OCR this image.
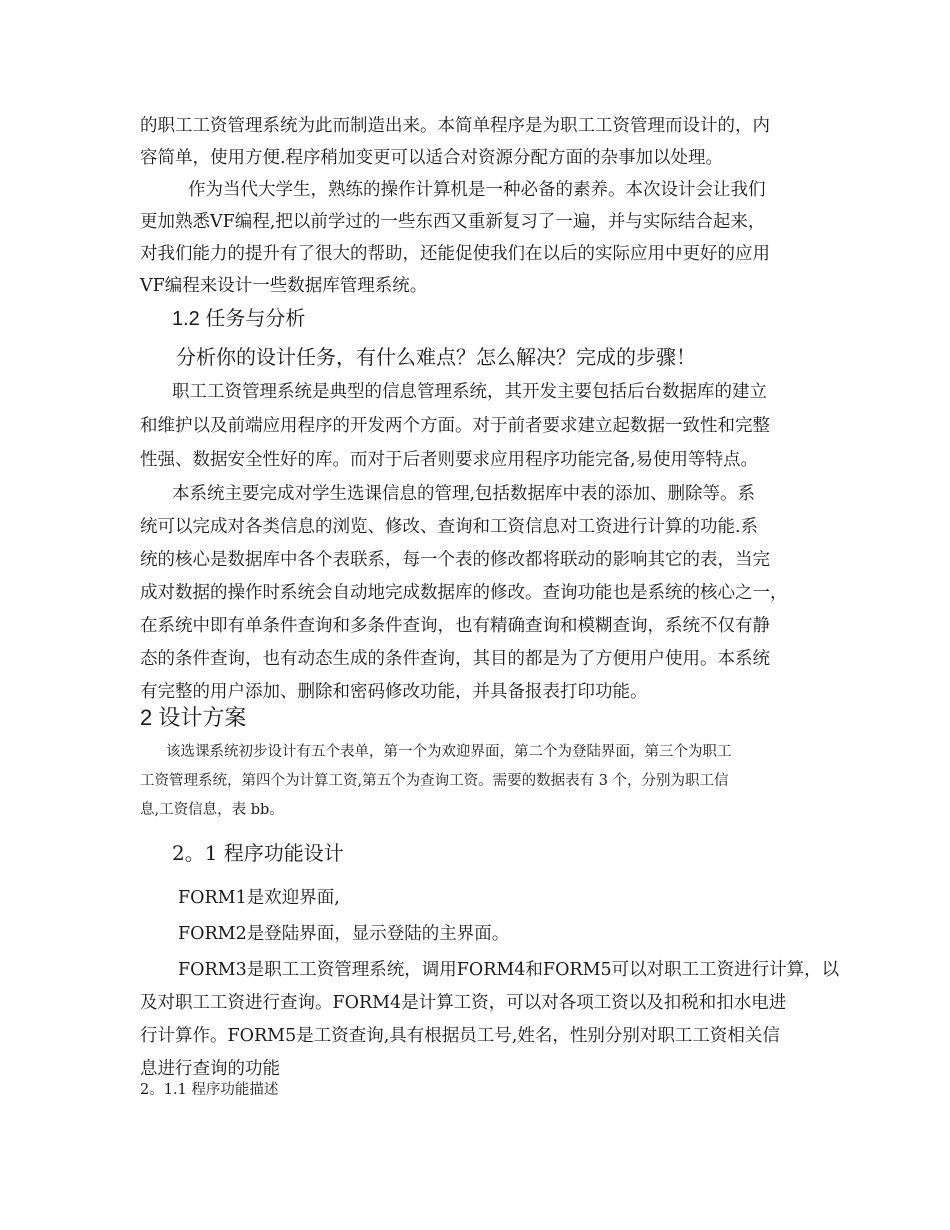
的职工工资管理系统为此而制造出来。本简单程序是为职工工资管理而设计的，内

容简单，使用方便.程序稍加变更可以适合对资源分配方面的杂事加以处理。

作为当代大学生，熟练的操作计算机是一种必备的素养。本次设计会让我们

更加熟悉VF编程,把以前学过的一些东西又重新复习了一遍，并与实际结合起来，

对我们能力的提升有了很大的帮助，还能促使我们在以后的实际应用中更好的应用

VF编程来设计一些数据库管理系统。

1.2 任务与分析

分析你的设计任务，有什么难点？怎么解决？完成的步骤！

职工工资管理系统是典型的信息管理系统，其开发主要包括后台数据库的建立

和维护以及前端应用程序的开发两个方面。对于前者要求建立起数据一致性和完整

性强、数据安全性好的库。而对于后者则要求应用程序功能完备,易使用等特点。

本系统主要完成对学生选课信息的管理,包括数据库中表的添加、删除等。系

统可以完成对各类信息的浏览、修改、查询和工资信息对工资进行计算的功能.系

统的核心是数据库中各个表联系，每一个表的修改都将联动的影响其它的表，当完

成对数据的操作时系统会自动地完成数据库的修改。查询功能也是系统的核心之一，

在系统中即有单条件查询和多条件查询，也有精确查询和模糊查询，系统不仅有静

态的条件查询，也有动态生成的条件查询，其目的都是为了方便用户使用。本系统

有完整的用户添加、删除和密码修改功能，并具备报表打印功能。

2 设计方案

该选课系统初步设计有五个表单，第一个为欢迎界面，第二个为登陆界面，第三个为职工

工资管理系统，第四个为计算工资,第五个为查询工资。需要的数据表有 3 个，分别为职工信

息,工资信息，表 bb。

2。1 程序功能设计

FORM1是欢迎界面,

FORM2是登陆界面，显示登陆的主界面。

FORM3是职工工资管理系统，调用FORM4和FORM5可以对职工工资进行计算，以

及对职工工资进行查询。FORM4是计算工资，可以对各项工资以及扣税和扣水电进

行计算作。FORM5是工资查询,具有根据员工号,姓名，性别分别对职工工资相关信

息进行查询的功能

2。1.1 程序功能描述
